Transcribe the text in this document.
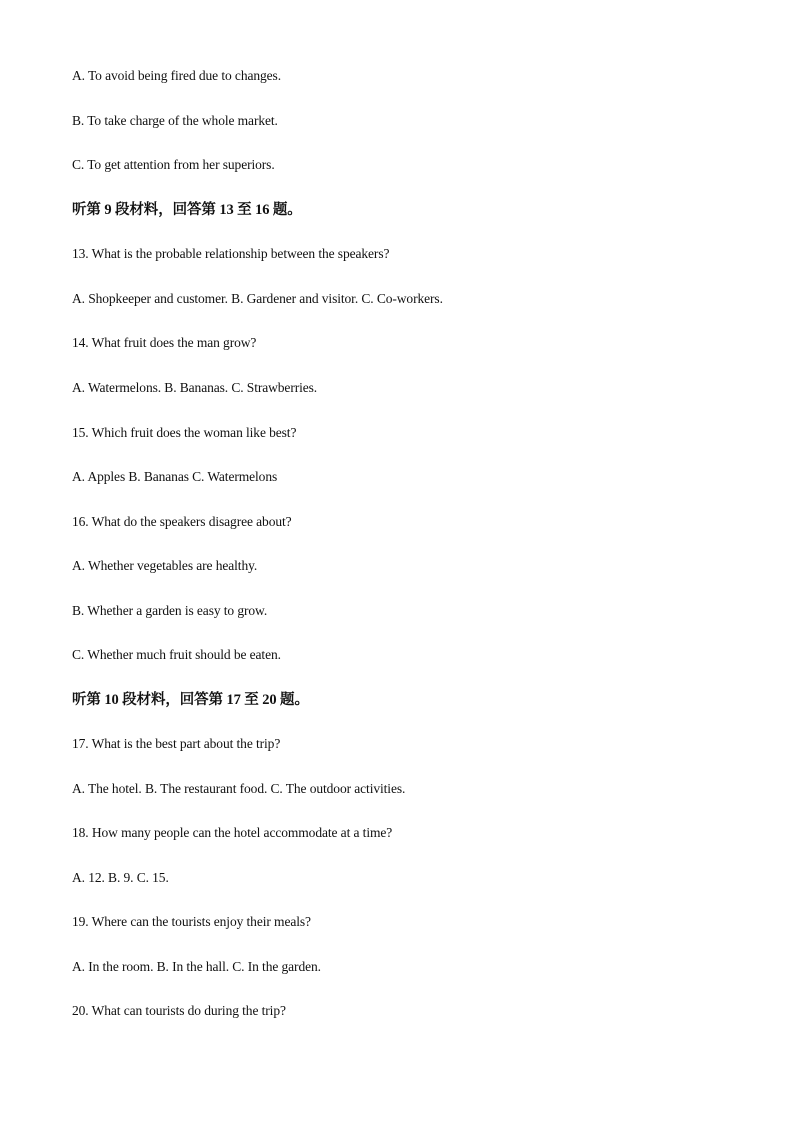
A. To avoid being fired due to changes.
B. To take charge of the whole market.
C. To get attention from her superiors.
听第 9 段材料，回答第 13 至 16 题。
13. What is the probable relationship between the speakers?
A. Shopkeeper and customer. B. Gardener and visitor. C. Co-workers.
14. What fruit does the man grow?
A. Watermelons. B. Bananas. C. Strawberries.
15. Which fruit does the woman like best?
A. Apples B. Bananas C. Watermelons
16. What do the speakers disagree about?
A. Whether vegetables are healthy.
B. Whether a garden is easy to grow.
C. Whether much fruit should be eaten.
听第 10 段材料，回答第 17 至 20 题。
17. What is the best part about the trip?
A. The hotel. B. The restaurant food. C. The outdoor activities.
18. How many people can the hotel accommodate at a time?
A. 12. B. 9. C. 15.
19. Where can the tourists enjoy their meals?
A. In the room. B. In the hall. C. In the garden.
20. What can tourists do during the trip?
